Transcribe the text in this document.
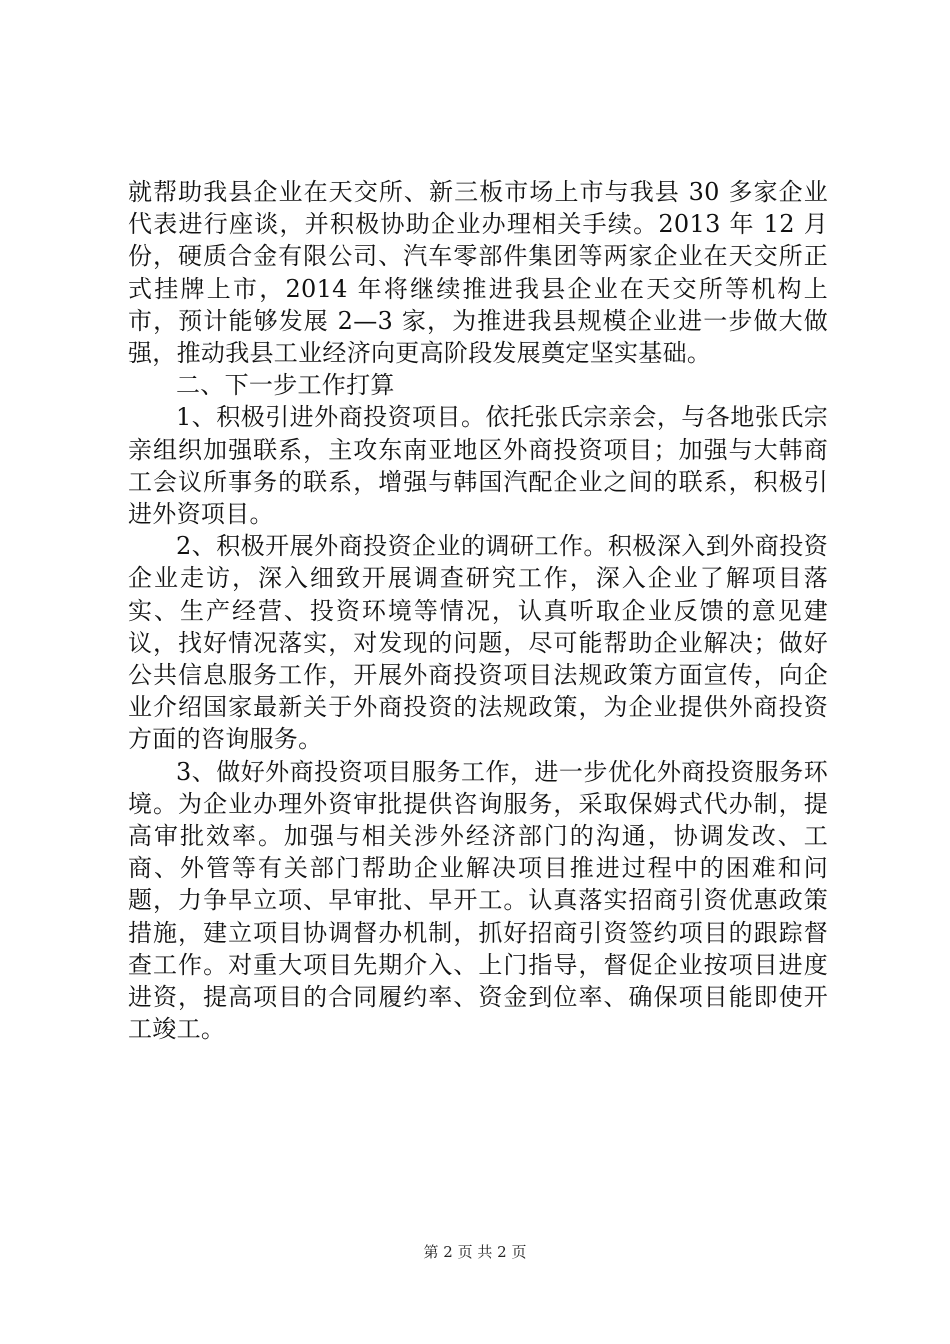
就帮助我县企业在天交所、新三板市场上市与我县 30 多家企业代表进行座谈，并积极协助企业办理相关手续。2013 年 12 月份，硬质合金有限公司、汽车零部件集团等两家企业在天交所正式挂牌上市，2014 年将继续推进我县企业在天交所等机构上市，预计能够发展 2—3 家，为推进我县规模企业进一步做大做强，推动我县工业经济向更高阶段发展奠定坚实基础。

二、下一步工作打算

1、积极引进外商投资项目。依托张氏宗亲会，与各地张氏宗亲组织加强联系，主攻东南亚地区外商投资项目；加强与大韩商工会议所事务的联系，增强与韩国汽配企业之间的联系，积极引进外资项目。

2、积极开展外商投资企业的调研工作。积极深入到外商投资企业走访，深入细致开展调查研究工作，深入企业了解项目落实、生产经营、投资环境等情况，认真听取企业反馈的意见建议，找好情况落实，对发现的问题，尽可能帮助企业解决；做好公共信息服务工作，开展外商投资项目法规政策方面宣传，向企业介绍国家最新关于外商投资的法规政策，为企业提供外商投资方面的咨询服务。

3、做好外商投资项目服务工作，进一步优化外商投资服务环境。为企业办理外资审批提供咨询服务，采取保姆式代办制，提高审批效率。加强与相关涉外经济部门的沟通，协调发改、工商、外管等有关部门帮助企业解决项目推进过程中的困难和问题，力争早立项、早审批、早开工。认真落实招商引资优惠政策措施，建立项目协调督办机制，抓好招商引资签约项目的跟踪督查工作。对重大项目先期介入、上门指导，督促企业按项目进度进资，提高项目的合同履约率、资金到位率、确保项目能即使开工竣工。

第 2 页 共 2 页
